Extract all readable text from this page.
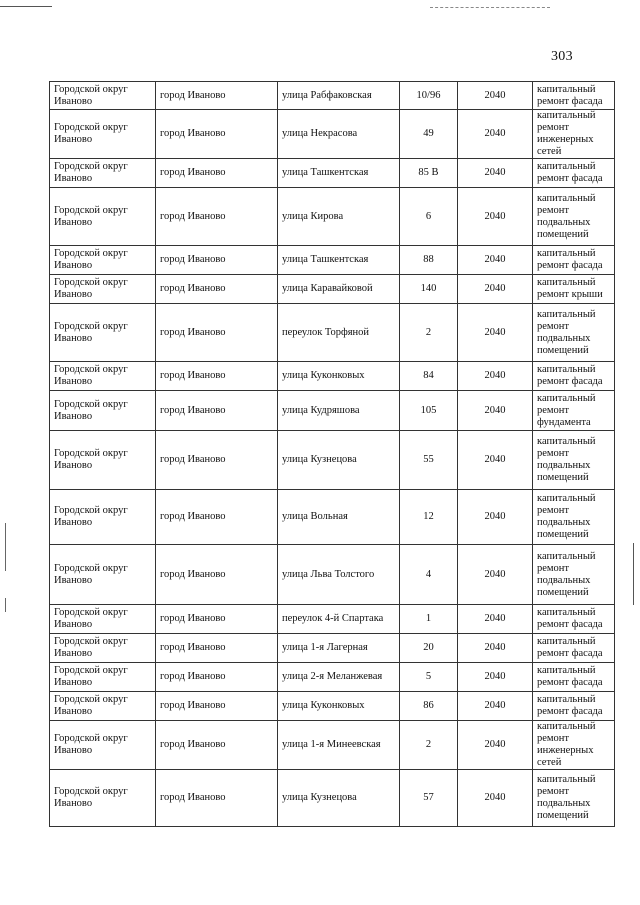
303
Городской округ Иваново	город Иваново	улица Рабфаковская	10/96	2040	капитальный ремонт фасада
Городской округ Иваново	город Иваново	улица Некрасова	49	2040	капитальный ремонт инженерных сетей
Городской округ Иваново	город Иваново	улица Ташкентская	85 В	2040	капитальный ремонт фасада
Городской округ Иваново	город Иваново	улица Кирова	6	2040	капитальный ремонт подвальных помещений
Городской округ Иваново	город Иваново	улица Ташкентская	88	2040	капитальный ремонт фасада
Городской округ Иваново	город Иваново	улица Каравайковой	140	2040	капитальный ремонт крыши
Городской округ Иваново	город Иваново	переулок Торфяной	2	2040	капитальный ремонт подвальных помещений
Городской округ Иваново	город Иваново	улица Куконковых	84	2040	капитальный ремонт фасада
Городской округ Иваново	город Иваново	улица Кудряшова	105	2040	капитальный ремонт фундамента
Городской округ Иваново	город Иваново	улица Кузнецова	55	2040	капитальный ремонт подвальных помещений
Городской округ Иваново	город Иваново	улица Вольная	12	2040	капитальный ремонт подвальных помещений
Городской округ Иваново	город Иваново	улица Льва Толстого	4	2040	капитальный ремонт подвальных помещений
Городской округ Иваново	город Иваново	переулок 4-й Спартака	1	2040	капитальный ремонт фасада
Городской округ Иваново	город Иваново	улица 1-я Лагерная	20	2040	капитальный ремонт фасада
Городской округ Иваново	город Иваново	улица 2-я Меланжевая	5	2040	капитальный ремонт фасада
Городской округ Иваново	город Иваново	улица Куконковых	86	2040	капитальный ремонт фасада
Городской округ Иваново	город Иваново	улица 1-я Минеевская	2	2040	капитальный ремонт инженерных сетей
Городской округ Иваново	город Иваново	улица Кузнецова	57	2040	капитальный ремонт подвальных помещений
